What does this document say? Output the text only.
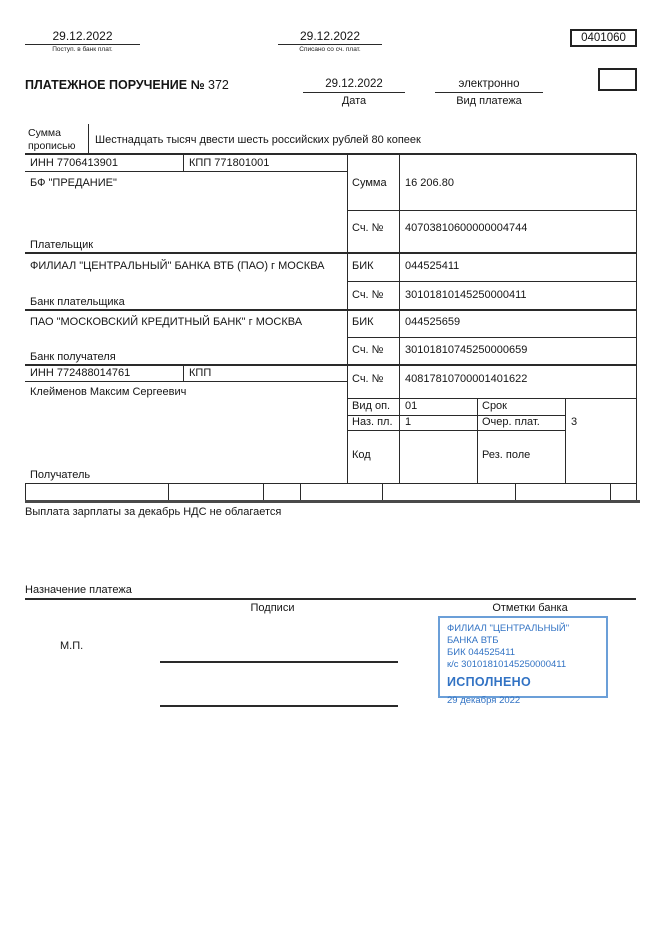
29.12.2022
Поступ. в банк плат.
29.12.2022
Списано со сч. плат.
0401060
ПЛАТЕЖНОЕ ПОРУЧЕНИЕ № 372	29.12.2022
Дата
электронно
Вид платежа
Сумма прописью	Шестнадцать тысяч двести шесть российских рублей 80 копеек
ИНН 7706413901	КПП 771801001
БФ "ПРЕДАНИЕ"
Плательщик
Сумма 16 206.80
Сч. № 40703810600000004744
ФИЛИАЛ "ЦЕНТРАЛЬНЫЙ" БАНКА ВТБ (ПАО) г МОСКВА	БИК	044525411
Банк плательщика
Сч. № 30101810145250000411
ПАО "МОСКОВСКИЙ КРЕДИТНЫЙ БАНК" г МОСКВА	БИК	044525659
Банк получателя
Сч. № 30101810745250000659
ИНН 772488014761	КПП
Клейменов Максим Сергеевич
Сч. № 40817810700001401622
Вид оп. 01	Срок
Наз. пл. 1	Очер. плат.	3
Код	Рез. поле
Получатель
Выплата зарплаты за декабрь НДС не облагается
Назначение платежа
Подписи	Отметки банка
М.П.
ФИЛИАЛ "ЦЕНТРАЛЬНЫЙ" БАНКА ВТБ
БИК 044525411
к/с 30101810145250000411
ИСПОЛНЕНО
29 декабря 2022
